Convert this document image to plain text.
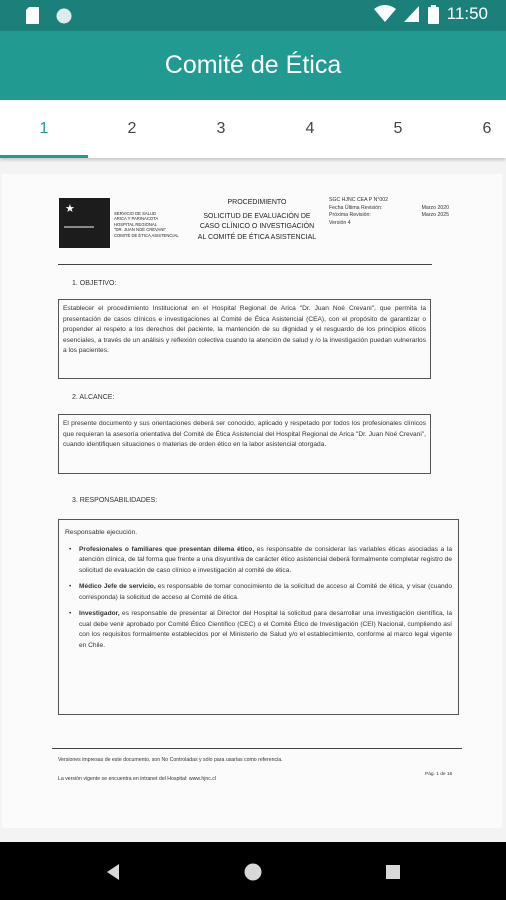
11:50
Comité de Ética
1	2	3	4	5	6
★	SERVICIO DE SALUD
ARICA Y PARINACOTA
HOSPITAL REGIONAL
"DR. JUAN NOÉ CREVANI"
COMITÉ DE ÉTICA ASISTENCIAL
PROCEDIMIENTO
SOLICITUD DE EVALUACIÓN DE
CASO CLÍNICO O INVESTIGACIÓN
AL COMITÉ DE ÉTICA ASISTENCIAL
SGC HJNC CEA P N°002
Fecha Última Revisión:	Marzo 2020
Próxima Revisión:	Marzo 2025
Versión 4
1. OBJETIVO:
Establecer el procedimiento Institucional en el Hospital Regional de Arica "Dr. Juan Noé Crevani", que permita la presentación de casos clínicos e investigaciones al Comité de Ética Asistencial (CEA), con el propósito de garantizar o propender al respeto a los derechos del paciente, la mantención de su dignidad y el resguardo de los principios éticos esenciales, a través de un análisis y reflexión colectiva cuando la atención de salud y /o la investigación puedan vulnerarlos a los pacientes.
2. ALCANCE:
El presente documento y sus orientaciones deberá ser conocido, aplicado y respetado por todos los profesionales clínicos que requieran la asesoría orientativa del Comité de Ética Asistencial del Hospital Regional de Arica "Dr. Juan Noé Crevani", cuando identifiquen situaciones o materias de orden ético en la labor asistencial otorgada.
3. RESPONSABILIDADES:
Responsable ejecución.
•	Profesionales o familiares que presentan dilema ético, es responsable de considerar las variables éticas asociadas a la atención clínica, de tal forma que frente a una disyuntiva de carácter ético asistencial deberá formalmente completar registro de solicitud de evaluación de caso clínico e investigación al comité de ética.
•	Médico Jefe de servicio, es responsable de tomar conocimiento de la solicitud de acceso al Comité de ética, y visar (cuando corresponda) la solicitud de acceso al Comité de ética.
•	Investigador, es responsable de presentar al Director del Hospital la solicitud para desarrollar una investigación científica, la cual debe venir aprobado por Comité Ético Científico (CEC) o el Comité Ético de Investigación (CEI) Nacional, cumpliendo así con los requisitos formalmente establecidos por el Ministerio de Salud y/o el establecimiento, conforme al marco legal vigente en Chile.
Versiones impresas de este documento, son No Controladas y sólo para usarlas como referencia.
Pág. 1 de 16
La versión vigente se encuentra en intranet del Hospital: www.hjnc.cl
